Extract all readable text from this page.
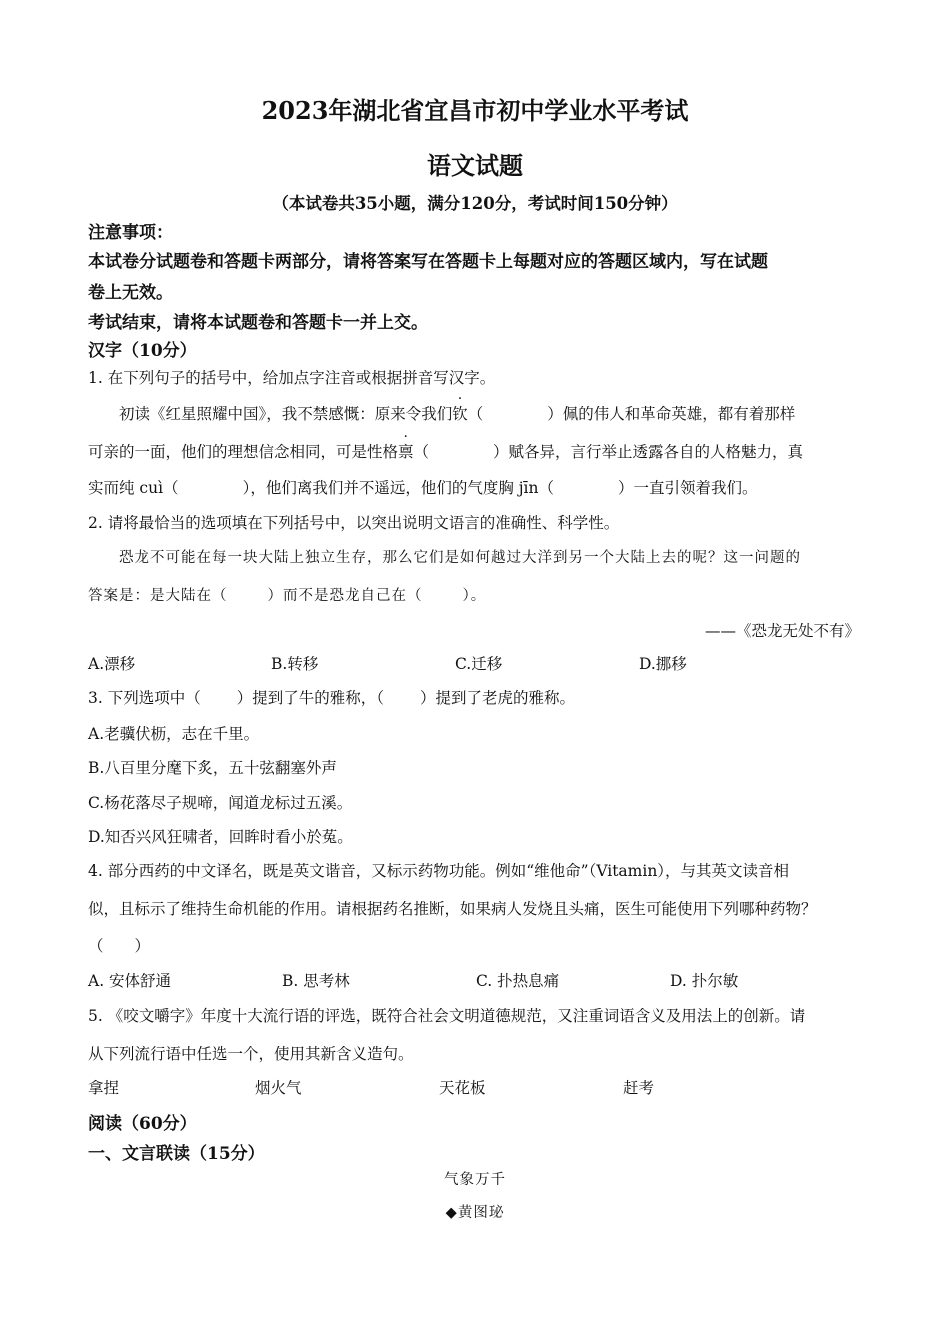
2023年湖北省宜昌市初中学业水平考试
语文试题
（本试卷共35小题，满分120分，考试时间150分钟）
注意事项：
本试卷分试题卷和答题卡两部分，请将答案写在答题卡上每题对应的答题区域内，写在试题
卷上无效。
考试结束，请将本试题卷和答题卡一并上交。
汉字（10分）
1. 在下列句子的括号中，给加点字注音或根据拼音写汉字。
初读《红星照耀中国》，我不禁感慨：原来令我们钦（	）佩的伟人和革命英雄，都有着那样
可亲的一面，他们的理想信念相同，可是性格禀（	）赋各异，言行举止透露各自的人格魅力，真
实而纯 cuì（	），他们离我们并不遥远，他们的气度胸 jīn（	）一直引领着我们。
2. 请将最恰当的选项填在下列括号中，以突出说明文语言的准确性、科学性。
恐龙不可能在每一块大陆上独立生存，那么它们是如何越过大洋到另一个大陆上去的呢？这一问题的
答案是：是大陆在（	）而不是恐龙自己在（	）。
——《恐龙无处不有》
A.漂移	B.转移	C.迁移	D.挪移
3. 下列选项中（ ）提到了牛的雅称，（ ）提到了老虎的雅称。
A.老骥伏枥，志在千里。
B.八百里分麾下炙，五十弦翻塞外声
C.杨花落尽子规啼，闻道龙标过五溪。
D.知否兴风狂啸者，回眸时看小於菟。
4. 部分西药的中文译名，既是英文谐音，又标示药物功能。例如“维他命”（Vitamin），与其英文读音相
似，且标示了维持生命机能的作用。请根据药名推断，如果病人发烧且头痛，医生可能使用下列哪种药物？
（　　）
A. 安体舒通	B. 思考林	C. 扑热息痛	D. 扑尔敏
5. 《咬文嚼字》年度十大流行语的评选，既符合社会文明道德规范，又注重词语含义及用法上的创新。请
从下列流行语中任选一个，使用其新含义造句。
拿捏	烟火气	天花板	赶考
阅读（60分）
一、文言联读（15分）
气象万千
◆黄图珌
